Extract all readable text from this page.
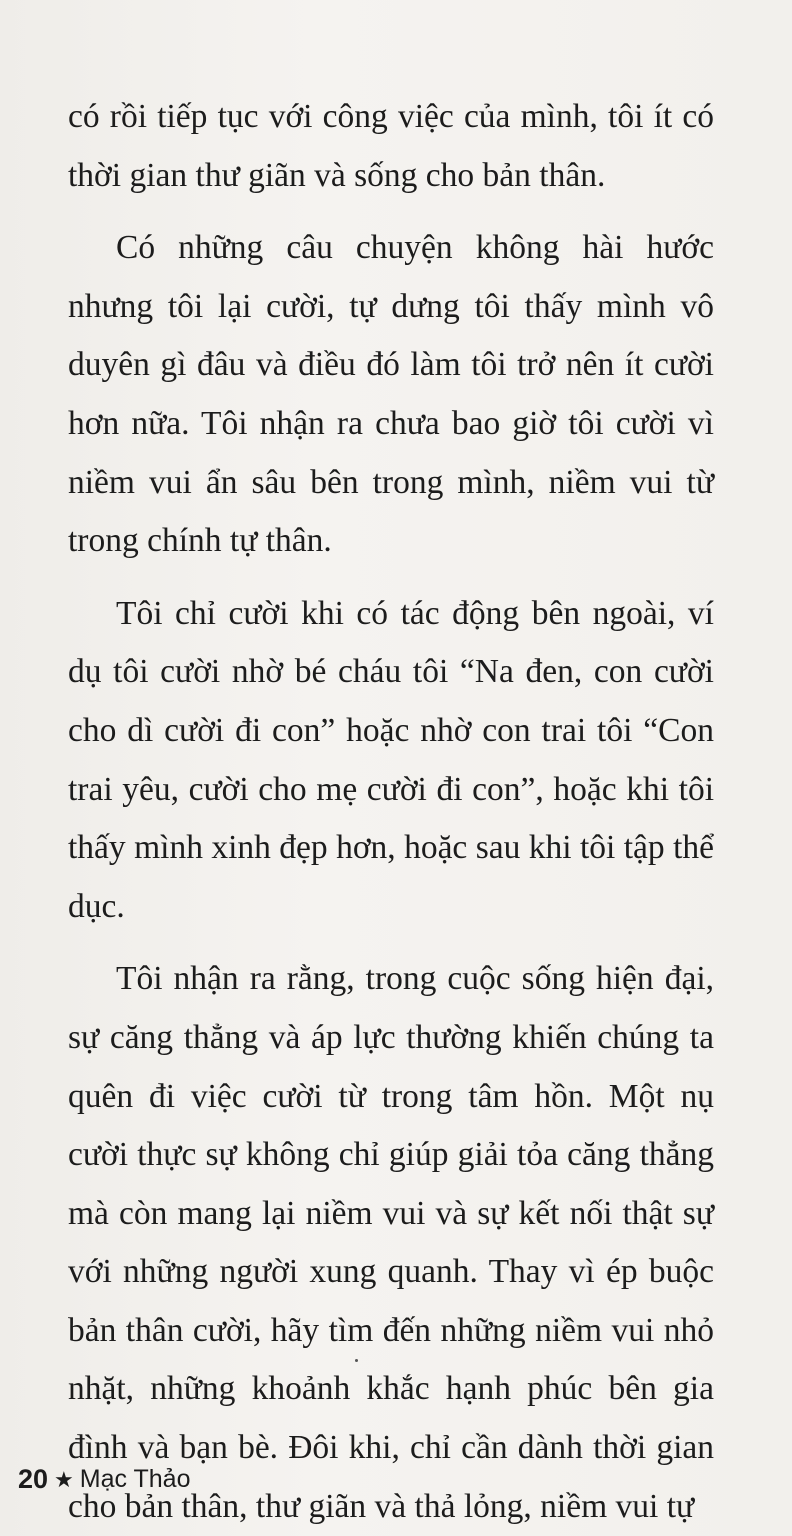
có rồi tiếp tục với công việc của mình, tôi ít có thời gian thư giãn và sống cho bản thân.

Có những câu chuyện không hài hước nhưng tôi lại cười, tự dưng tôi thấy mình vô duyên gì đâu và điều đó làm tôi trở nên ít cười hơn nữa. Tôi nhận ra chưa bao giờ tôi cười vì niềm vui ẩn sâu bên trong mình, niềm vui từ trong chính tự thân.

Tôi chỉ cười khi có tác động bên ngoài, ví dụ tôi cười nhờ bé cháu tôi “Na đen, con cười cho dì cười đi con” hoặc nhờ con trai tôi “Con trai yêu, cười cho mẹ cười đi con”, hoặc khi tôi thấy mình xinh đẹp hơn, hoặc sau khi tôi tập thể dục.

Tôi nhận ra rằng, trong cuộc sống hiện đại, sự căng thẳng và áp lực thường khiến chúng ta quên đi việc cười từ trong tâm hồn. Một nụ cười thực sự không chỉ giúp giải tỏa căng thẳng mà còn mang lại niềm vui và sự kết nối thật sự với những người xung quanh. Thay vì ép buộc bản thân cười, hãy tìm đến những niềm vui nhỏ nhặt, những khoảnh khắc hạnh phúc bên gia đình và bạn bè. Đôi khi, chỉ cần dành thời gian cho bản thân, thư giãn và thả lỏng, niềm vui tự

20 ★ Mạc Thảo
